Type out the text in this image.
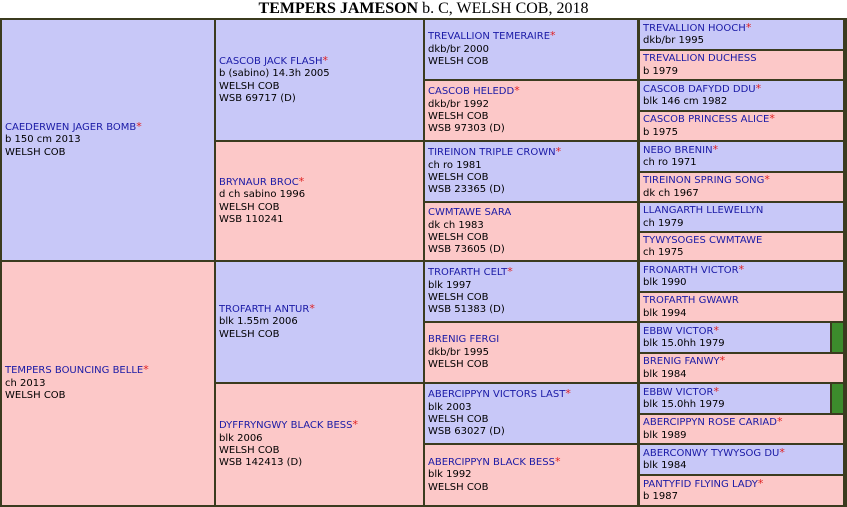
TEMPERS JAMESON b. C, WELSH COB, 2018
CAEDERWEN JAGER BOMB*
b 150 cm 2013
WELSH COB
TEMPERS BOUNCING BELLE*
ch 2013
WELSH COB
CASCOB JACK FLASH*
b (sabino) 14.3h 2005
WELSH COB
WSB 69717 (D)
BRYNAUR BROC*
d ch sabino 1996
WELSH COB
WSB 110241
TROFARTH ANTUR*
blk 1.55m 2006
WELSH COB
DYFFRYNGWY BLACK BESS*
blk 2006
WELSH COB
WSB 142413 (D)
TREVALLION TEMERAIRE*
dkb/br 2000
WELSH COB
CASCOB HELEDD*
dkb/br 1992
WELSH COB
WSB 97303 (D)
TIREINON TRIPLE CROWN*
ch ro 1981
WELSH COB
WSB 23365 (D)
CWMTAWE SARA
dk ch 1983
WELSH COB
WSB 73605 (D)
TROFARTH CELT*
blk 1997
WELSH COB
WSB 51383 (D)
BRENIG FERGI
dkb/br 1995
WELSH COB
ABERCIPPYN VICTORS LAST*
blk 2003
WELSH COB
WSB 63027 (D)
ABERCIPPYN BLACK BESS*
blk 1992
WELSH COB
TREVALLION HOOCH*
dkb/br 1995
TREVALLION DUCHESS
b 1979
CASCOB DAFYDD DDU*
blk 146 cm 1982
CASCOB PRINCESS ALICE*
b 1975
NEBO BRENIN*
ch ro 1971
TIREINON SPRING SONG*
dk ch 1967
LLANGARTH LLEWELLYN
ch 1979
TYWYSOGES CWMTAWE
ch 1975
FRONARTH VICTOR*
blk 1990
TROFARTH GWAWR
blk 1994
EBBW VICTOR*
blk 15.0hh 1979
BRENIG FANWY*
blk 1984
EBBW VICTOR*
blk 15.0hh 1979
ABERCIPPYN ROSE CARIAD*
blk 1989
ABERCONWY TYWYSOG DU*
blk 1984
PANTYFID FLYING LADY*
b 1987
